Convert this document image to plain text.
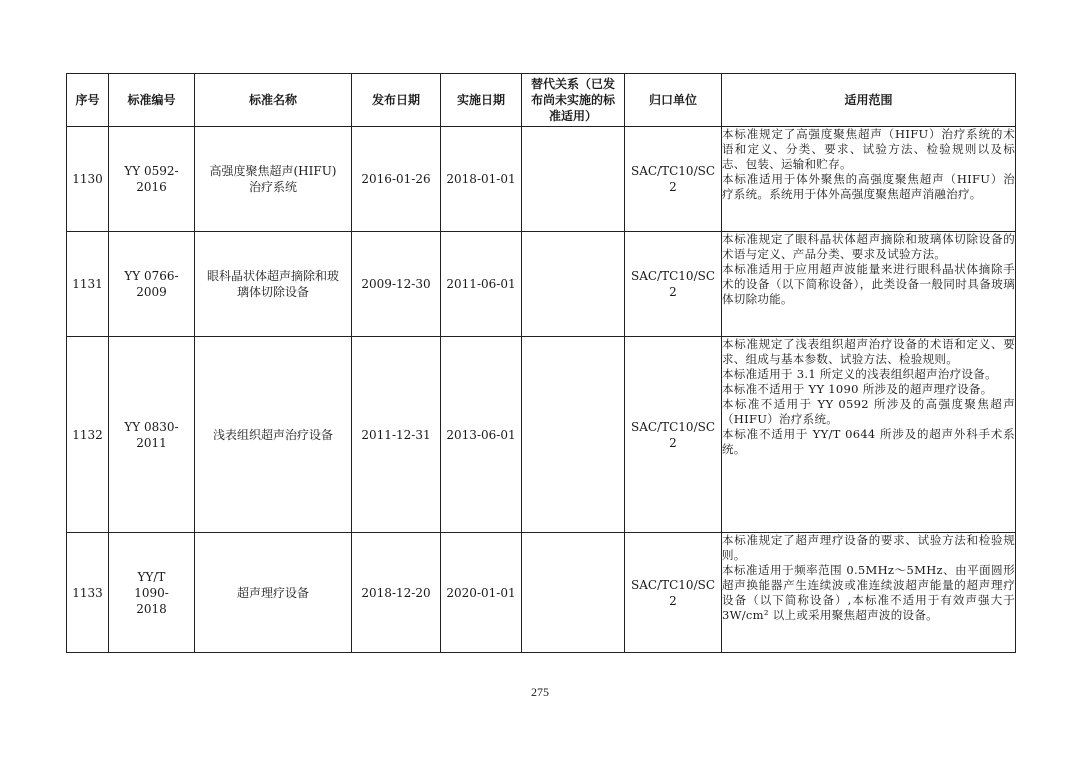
序号	标准编号	标准名称	发布日期	实施日期	替代关系（已发布尚未实施的标准适用）	归口单位	适用范围
1130	YY 0592-2016	高强度聚焦超声(HIFU)治疗系统	2016-01-26	2018-01-01		SAC/TC10/SC2	本标准规定了高强度聚焦超声（HIFU）治疗系统的术语和定义、分类、要求、试验方法、检验规则以及标志、包装、运输和贮存。
本标准适用于体外聚焦的高强度聚焦超声（HIFU）治疗系统。系统用于体外高强度聚焦超声消融治疗。

1131	YY 0766-2009	眼科晶状体超声摘除和玻璃体切除设备	2009-12-30	2011-06-01		SAC/TC10/SC2	本标准规定了眼科晶状体超声摘除和玻璃体切除设备的术语与定义、产品分类、要求及试验方法。
本标准适用于应用超声波能量来进行眼科晶状体摘除手术的设备（以下简称设备），此类设备一般同时具备玻璃体切除功能。

1132	YY 0830-2011	浅表组织超声治疗设备	2011-12-31	2013-06-01		SAC/TC10/SC2	本标准规定了浅表组织超声治疗设备的术语和定义、要求、组成与基本参数、试验方法、检验规则。
本标准适用于 3.1 所定义的浅表组织超声治疗设备。
本标准不适用于 YY 1090 所涉及的超声理疗设备。
本标准不适用于 YY 0592 所涉及的高强度聚焦超声（HIFU）治疗系统。
本标准不适用于 YY/T 0644 所涉及的超声外科手术系统。

1133	YY/T 1090-2018	超声理疗设备	2018-12-20	2020-01-01		SAC/TC10/SC2	本标准规定了超声理疗设备的要求、试验方法和检验规则。
本标准适用于频率范围 0.5MHz～5MHz、由平面圆形超声换能器产生连续波或准连续波超声能量的超声理疗设备（以下简称设备）,本标准不适用于有效声强大于 3W/cm² 以上或采用聚焦超声波的设备。
275
